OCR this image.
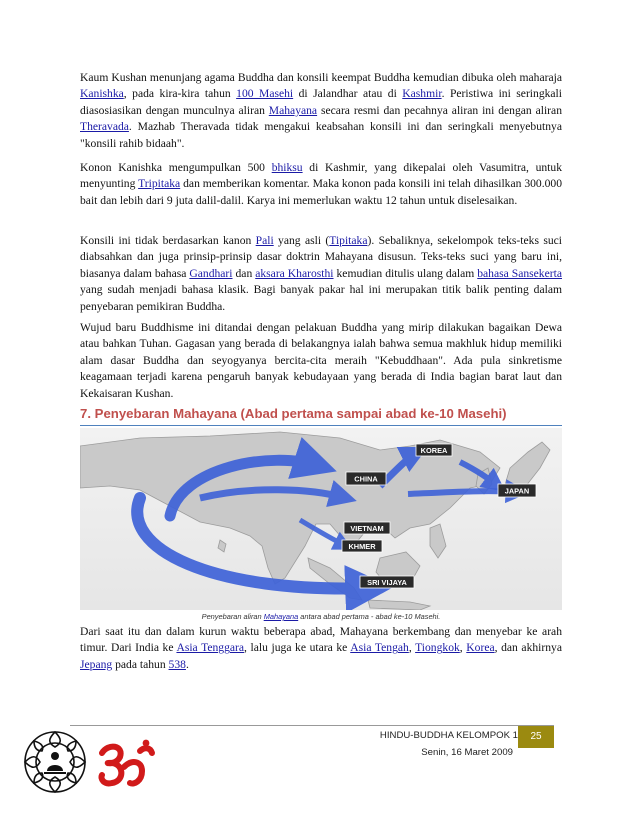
Kaum Kushan menunjang agama Buddha dan konsili keempat Buddha kemudian dibuka oleh maharaja Kanishka, pada kira-kira tahun 100 Masehi di Jalandhar atau di Kashmir. Peristiwa ini seringkali diasosiasikan dengan munculnya aliran Mahayana secara resmi dan pecahnya aliran ini dengan aliran Theravada. Mazhab Theravada tidak mengakui keabsahan konsili ini dan seringkali menyebutnya "konsili rahib bidaah".

Konon Kanishka mengumpulkan 500 bhiksu di Kashmir, yang dikepalai oleh Vasumitra, untuk menyunting Tripitaka dan memberikan komentar. Maka konon pada konsili ini telah dihasilkan 300.000 bait dan lebih dari 9 juta dalil-dalil. Karya ini memerlukan waktu 12 tahun untuk diselesaikan.

Konsili ini tidak berdasarkan kanon Pali yang asli (Tipitaka). Sebaliknya, sekelompok teks-teks suci diabsahkan dan juga prinsip-prinsip dasar doktrin Mahayana disusun. Teks-teks suci yang baru ini, biasanya dalam bahasa Gandhari dan aksara Kharosthi kemudian ditulis ulang dalam bahasa Sansekerta yang sudah menjadi bahasa klasik. Bagi banyak pakar hal ini merupakan titik balik penting dalam penyebaran pemikiran Buddha.

Wujud baru Buddhisme ini ditandai dengan pelakuan Buddha yang mirip dilakukan bagaikan Dewa atau bahkan Tuhan. Gagasan yang berada di belakangnya ialah bahwa semua makhluk hidup memiliki alam dasar Buddha dan seyogyanya bercita-cita meraih "Kebuddhaan". Ada pula sinkretisme keagamaan terjadi karena pengaruh banyak kebudayaan yang berada di India bagian barat laut dan Kekaisaran Kushan.

7. Penyebaran Mahayana (Abad pertama sampai abad ke-10 Masehi)
KOREA
CHINA
JAPAN
VIETNAM
KHMER
SRI VIJAYA

Penyebaran aliran Mahayana antara abad pertama - abad ke-10 Masehi.

Dari saat itu dan dalam kurun waktu beberapa abad, Mahayana berkembang dan menyebar ke arah timur. Dari India ke Asia Tenggara, lalu juga ke utara ke Asia Tengah, Tiongkok, Korea, dan akhirnya Jepang pada tahun 538.

HINDU-BUDDHA KELOMPOK 1
Senin, 16 Maret 2009
25
